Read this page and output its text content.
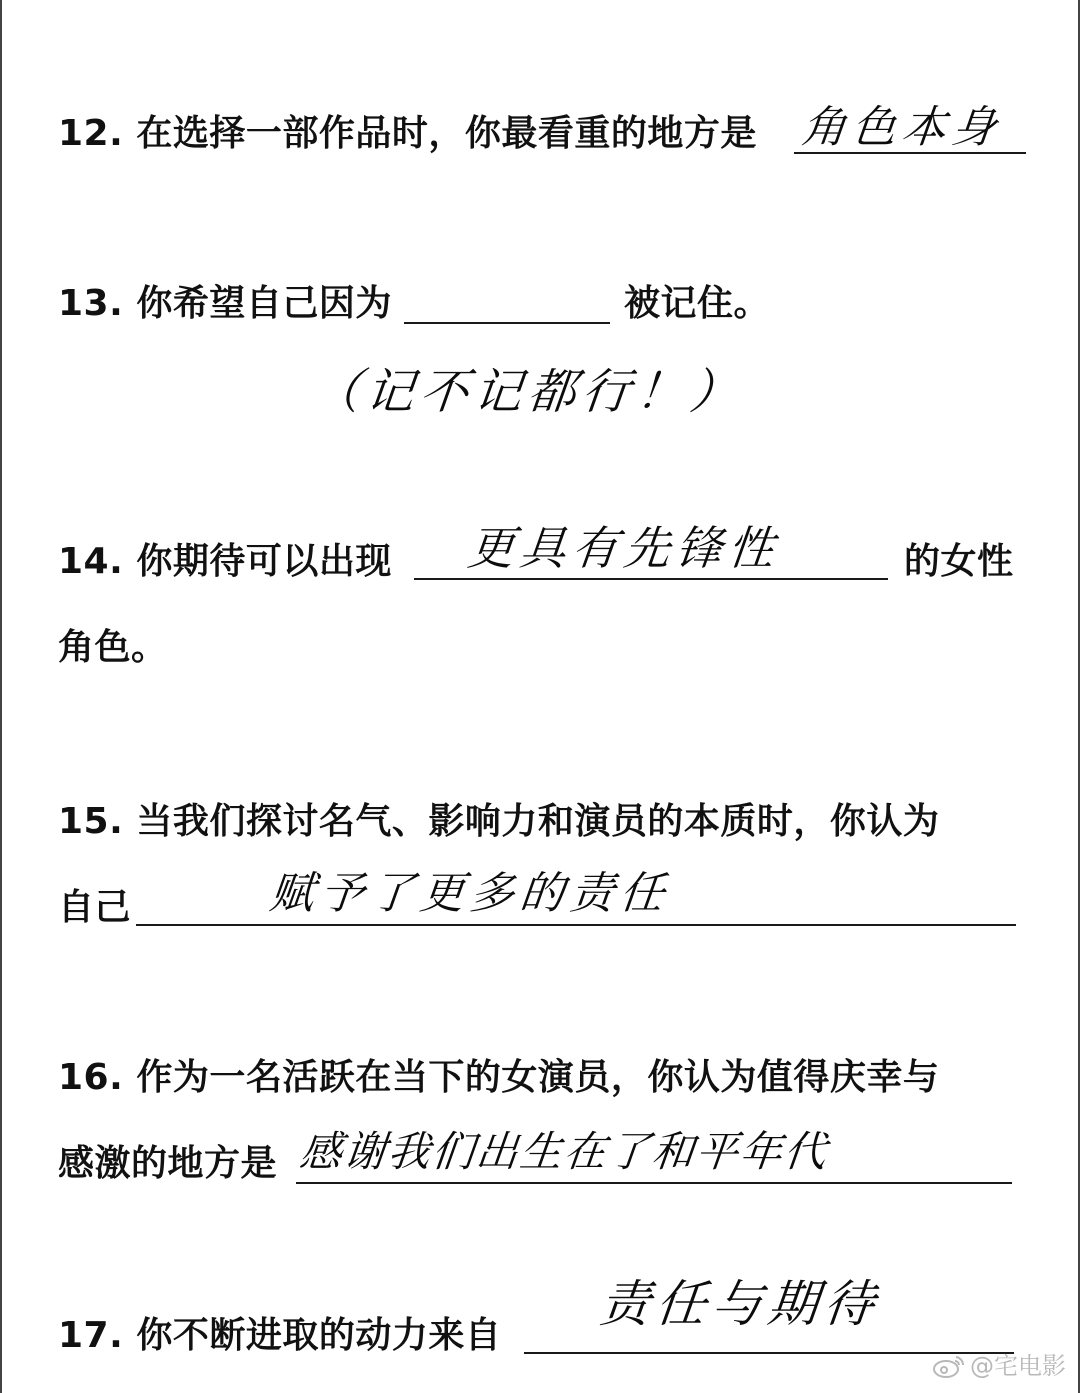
12. 在选择一部作品时，你最看重的地方是 角色本身
13. 你希望自己因为	被记住。
（记不记都行！）
14. 你期待可以出现	的女性
角色。
更具有先锋性
15. 当我们探讨名气、影响力和演员的本质时，你认为
自己	赋予了更多的责任
16. 作为一名活跃在当下的女演员，你认为值得庆幸与
感激的地方是 感谢我们出生在了和平年代
17. 你不断进取的动力来自
责任与期待
@宅电影
